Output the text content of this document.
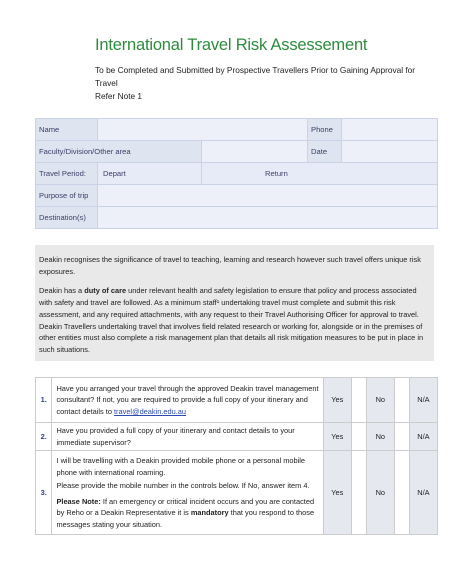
International Travel Risk Assessement
To be Completed and Submitted by Prospective Travellers Prior to Gaining Approval for Travel
Refer Note 1
Name			Phone	
Faculty/Division/Other area			Date	
Travel Period:	Depart	Return		
Purpose of trip				
Destination(s)				

Deakin recognises the significance of travel to teaching, learning and research however such travel offers unique risk exposures.

Deakin has a duty of care under relevant health and safety legislation to ensure that policy and process associated with safety and travel are followed. As a minimum staff¹ undertaking travel must complete and submit this risk assessment, and any required attachments, with any request to their Travel Authorising Officer for approval to travel. Deakin Travellers undertaking travel that involves field related research or working for, alongside or in the premises of other entities must also complete a risk management plan that details all risk mitigation measures to be put in place in such situations.

1.	Have you arranged your travel through the approved Deakin travel management consultant? If not, you are required to provide a full copy of your itinerary and contact details to travel@deakin.edu.au	Yes		No		N/A
2.	Have you provided a full copy of your itinerary and contact details to your immediate supervisor?	Yes		No		N/A
3.	I will be travelling with a Deakin provided mobile phone or a personal mobile phone with international roaming.

Please provide the mobile number in the controls below. If No, answer item 4.

Please Note: If an emergency or critical incident occurs and you are contacted by Reho or a Deakin Representative it is mandatory that you respond to those messages stating your situation.	Yes		No		N/A
